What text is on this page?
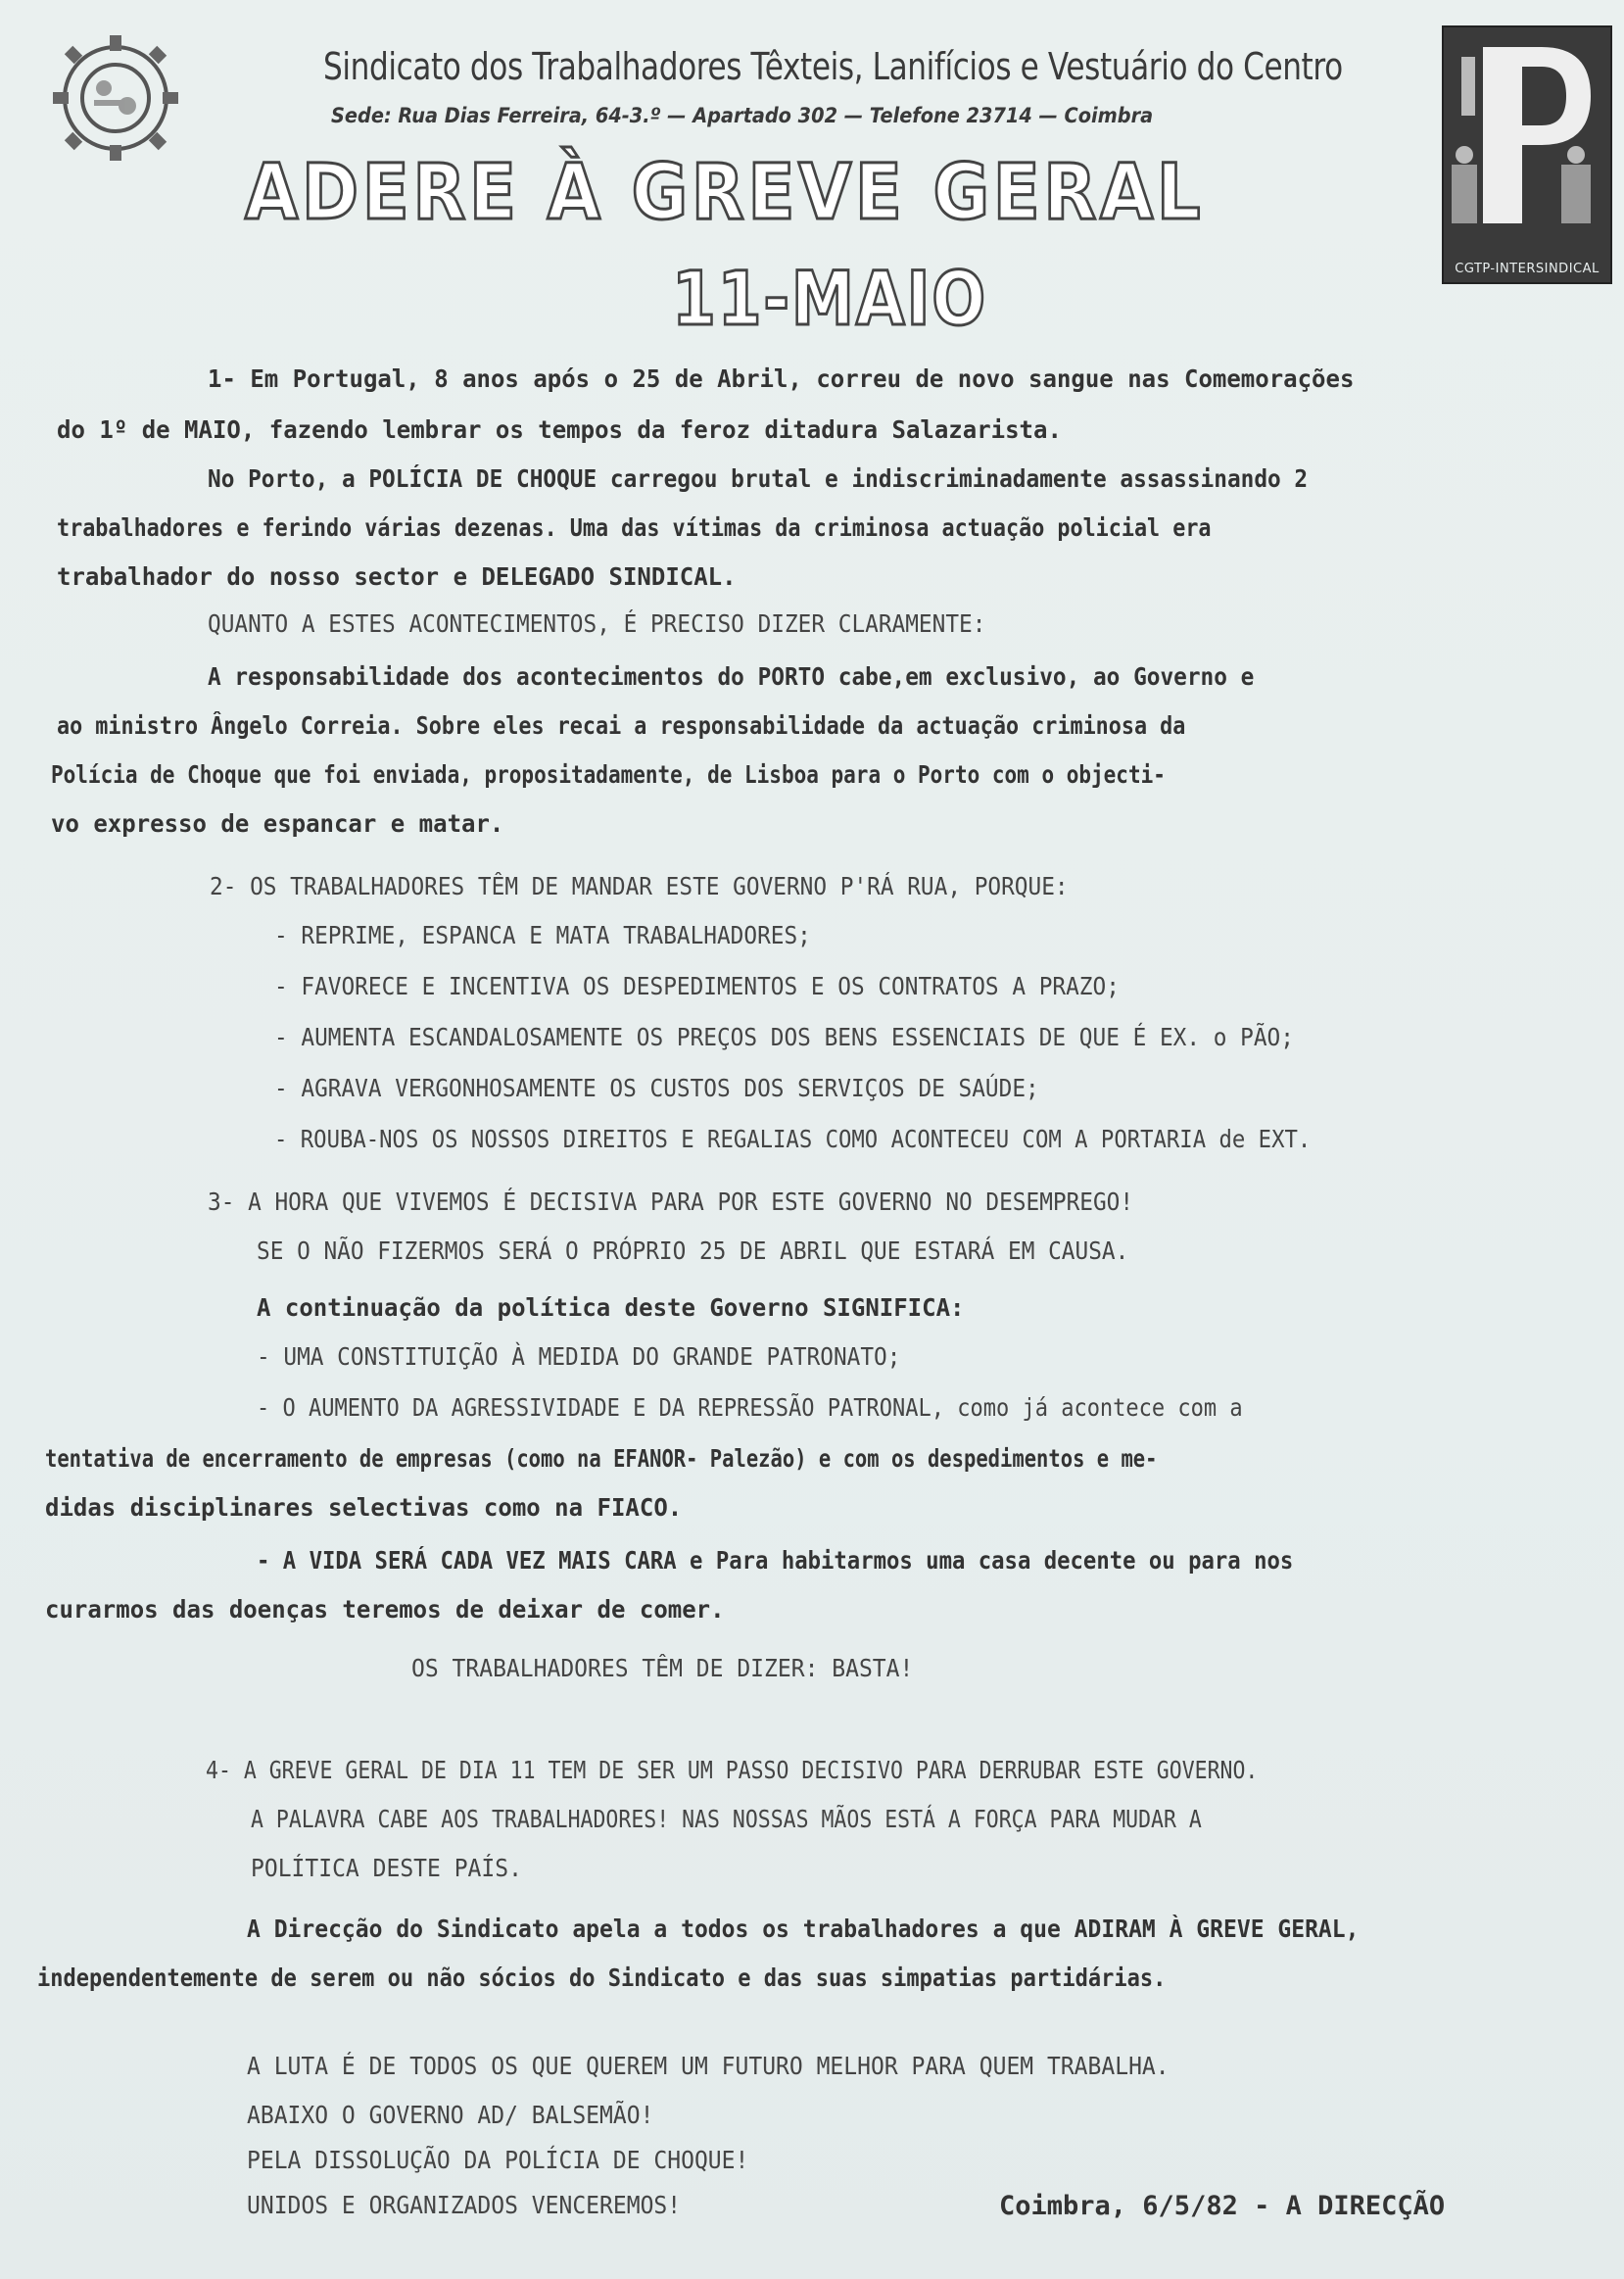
Sindicato dos Trabalhadores Têxteis, Lanifícios e Vestuário do Centro
Sede: Rua Dias Ferreira, 64-3.º — Apartado 302 — Telefone 23714 — Coimbra
CGTP-INTERSINDICAL
ADERE À GREVE GERAL
11-MAIO
1- Em Portugal, 8 anos após o 25 de Abril, correu de novo sangue nas Comemorações
do 1º de MAIO, fazendo lembrar os tempos da feroz ditadura Salazarista.
No Porto, a POLÍCIA DE CHOQUE carregou brutal e indiscriminadamente assassinando 2
trabalhadores e ferindo várias dezenas. Uma das vítimas da criminosa actuação policial era
trabalhador do nosso sector e DELEGADO SINDICAL.
QUANTO A ESTES ACONTECIMENTOS, É PRECISO DIZER CLARAMENTE:
A responsabilidade dos acontecimentos do PORTO cabe,em exclusivo, ao Governo e
ao ministro Ângelo Correia. Sobre eles recai a responsabilidade da actuação criminosa da
Polícia de Choque que foi enviada, propositadamente, de Lisboa para o Porto com o objecti-
vo expresso de espancar e matar.
2- OS TRABALHADORES TÊM DE MANDAR ESTE GOVERNO P'RÁ RUA, PORQUE:
- REPRIME, ESPANCA E MATA TRABALHADORES;
- FAVORECE E INCENTIVA OS DESPEDIMENTOS E OS CONTRATOS A PRAZO;
- AUMENTA ESCANDALOSAMENTE OS PREÇOS DOS BENS ESSENCIAIS DE QUE É EX. o PÃO;
- AGRAVA VERGONHOSAMENTE OS CUSTOS DOS SERVIÇOS DE SAÚDE;
- ROUBA-NOS OS NOSSOS DIREITOS E REGALIAS COMO ACONTECEU COM A PORTARIA de EXT.
3- A HORA QUE VIVEMOS É DECISIVA PARA POR ESTE GOVERNO NO DESEMPREGO!
SE O NÃO FIZERMOS SERÁ O PRÓPRIO 25 DE ABRIL QUE ESTARÁ EM CAUSA.
A continuação da política deste Governo SIGNIFICA:
- UMA CONSTITUIÇÃO À MEDIDA DO GRANDE PATRONATO;
- O AUMENTO DA AGRESSIVIDADE E DA REPRESSÃO PATRONAL, como já acontece com a
tentativa de encerramento de empresas (como na EFANOR- Palezão) e com os despedimentos e me-
didas disciplinares selectivas como na FIACO.
- A VIDA SERÁ CADA VEZ MAIS CARA e Para habitarmos uma casa decente ou para nos
curarmos das doenças teremos de deixar de comer.
OS TRABALHADORES TÊM DE DIZER: BASTA!
4- A GREVE GERAL DE DIA 11 TEM DE SER UM PASSO DECISIVO PARA DERRUBAR ESTE GOVERNO.
A PALAVRA CABE AOS TRABALHADORES! NAS NOSSAS MÃOS ESTÁ A FORÇA PARA MUDAR A
POLÍTICA DESTE PAÍS.
A Direcção do Sindicato apela a todos os trabalhadores a que ADIRAM À GREVE GERAL,
independentemente de serem ou não sócios do Sindicato e das suas simpatias partidárias.
A LUTA É DE TODOS OS QUE QUEREM UM FUTURO MELHOR PARA QUEM TRABALHA.
ABAIXO O GOVERNO AD/ BALSEMÃO!
PELA DISSOLUÇÃO DA POLÍCIA DE CHOQUE!
UNIDOS E ORGANIZADOS VENCEREMOS!	Coimbra, 6/5/82 - A DIRECÇÃO
